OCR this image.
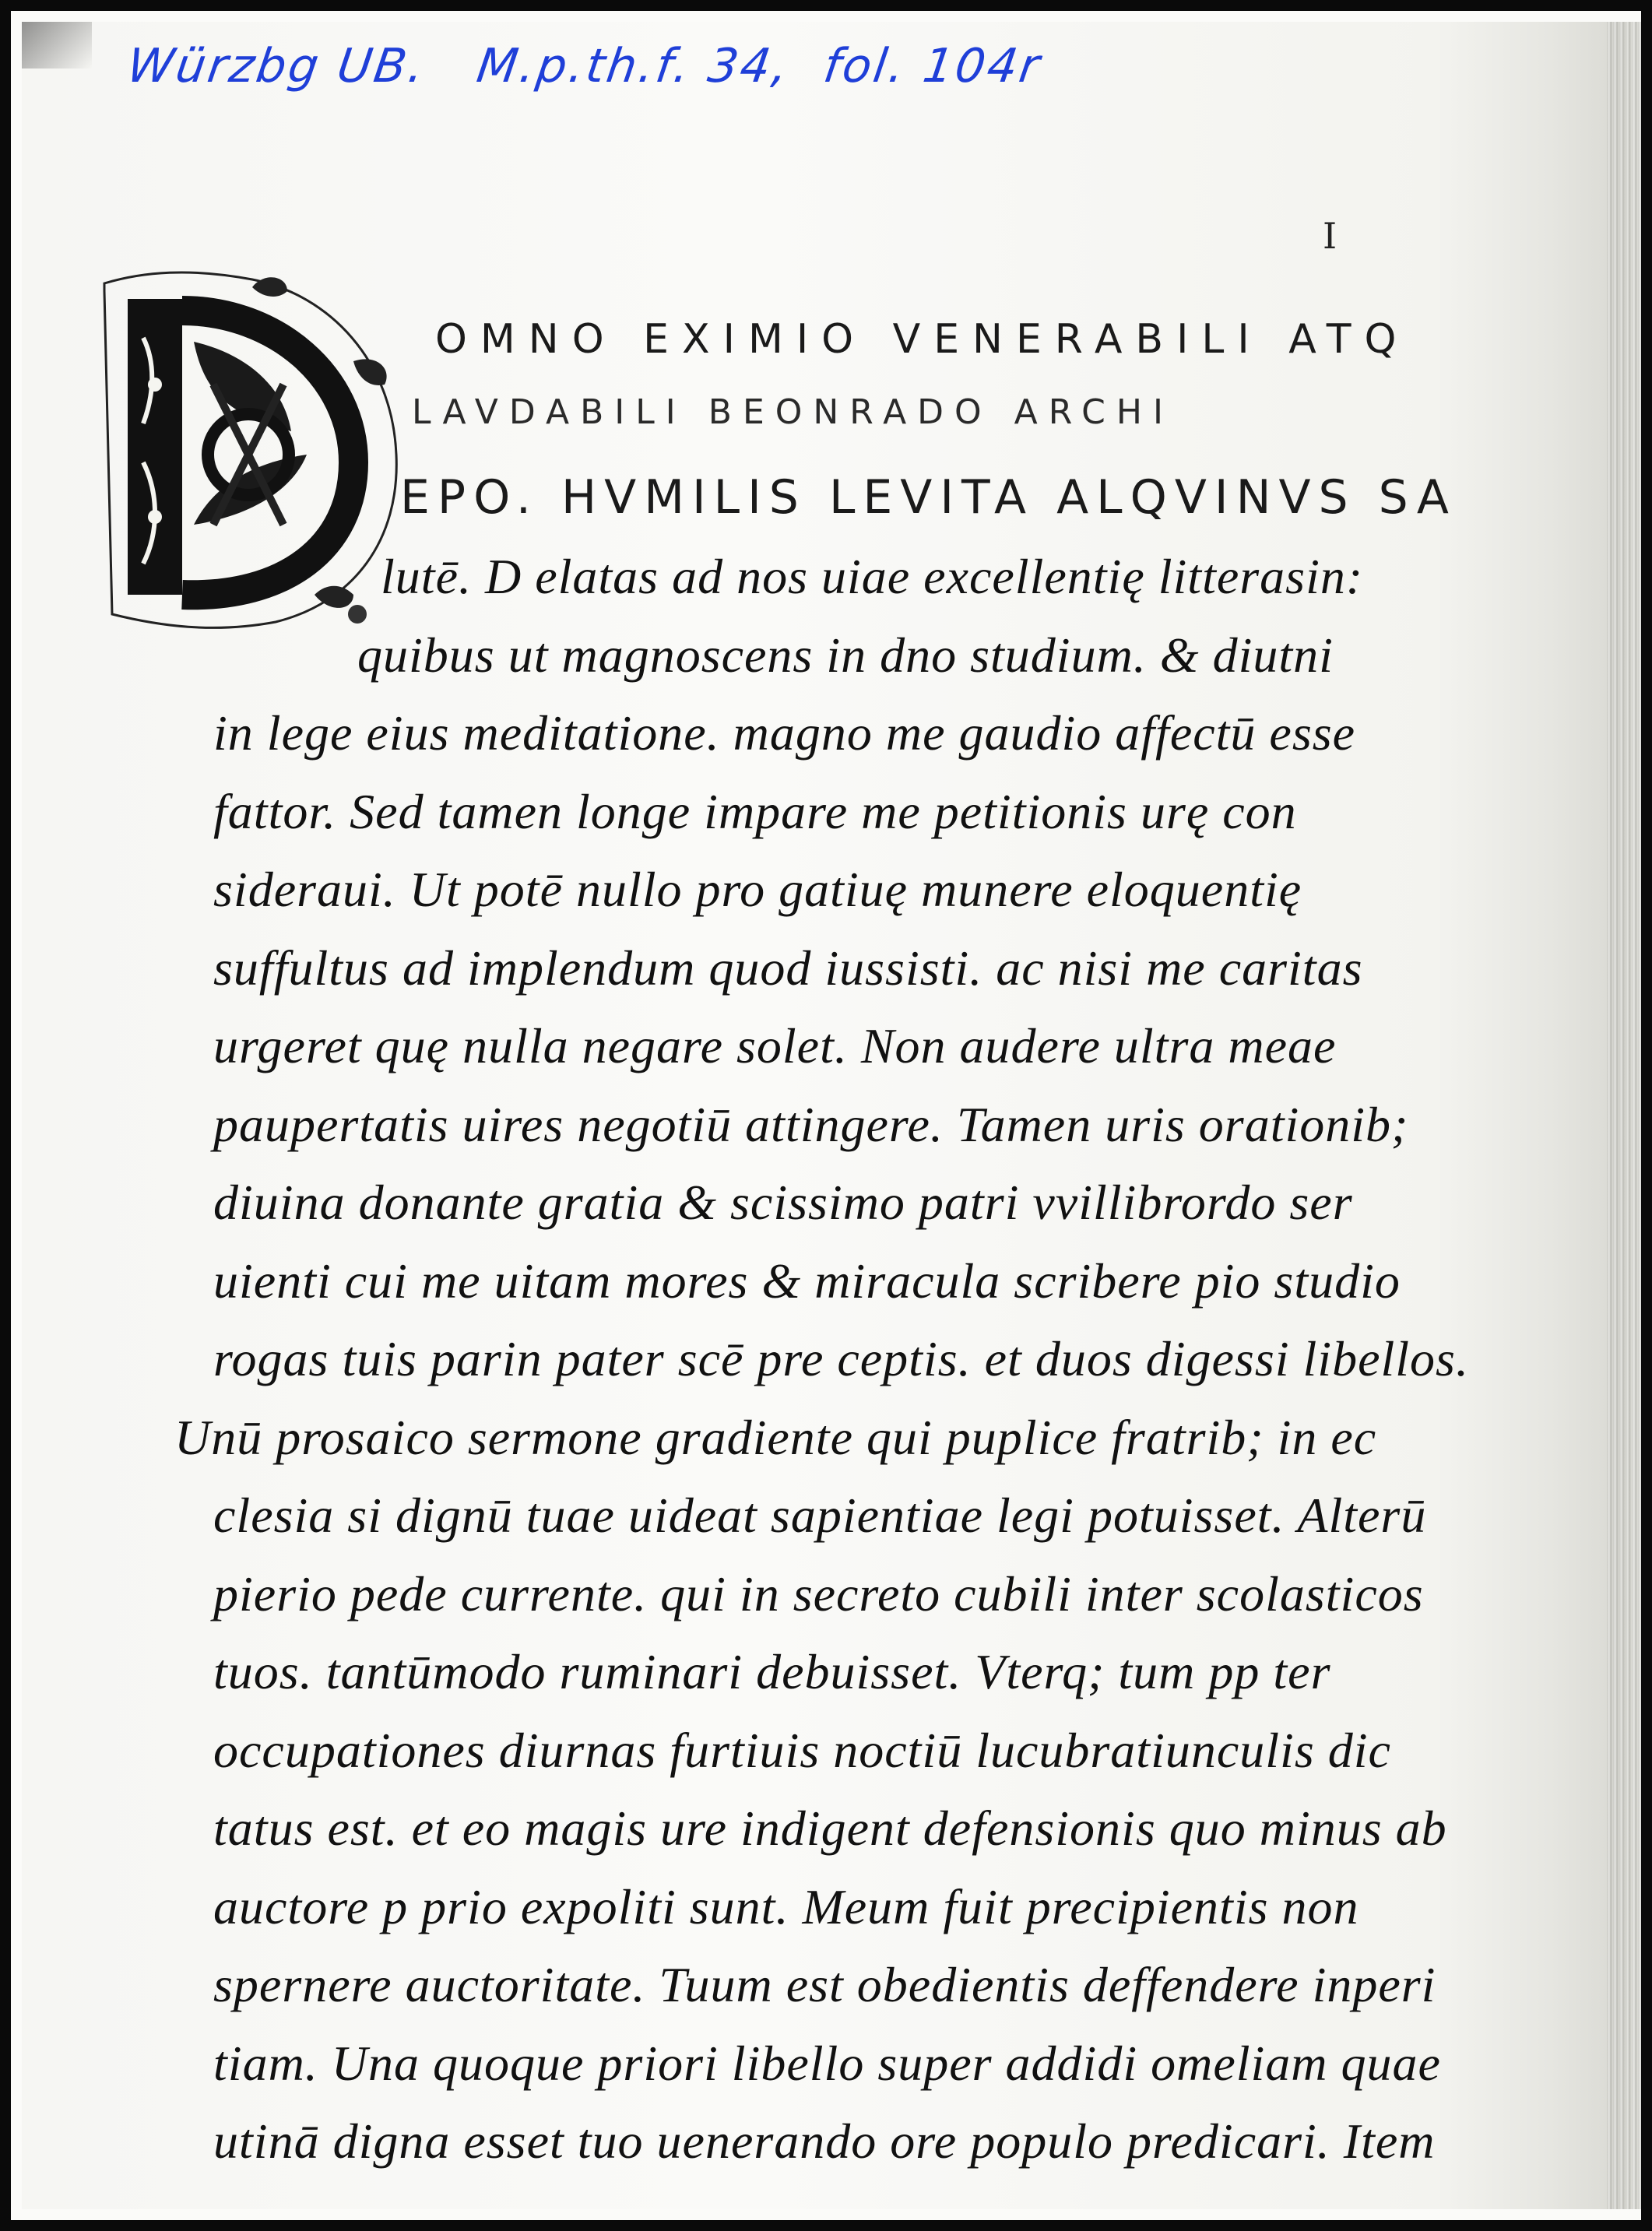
Würzbg UB.   M.p.th.f. 34,  fol. 104r
I
OMNO EXIMIO VENERABILI ATQ
LAVDABILI BEONRADO ARCHI
EPO. HVMILIS LEVITA ALQVINVS SA
lutē. D elatas ad nos uiae excellentię litterasin:
quibus ut magnoscens in dno studium. & diutni
in lege eius meditatione. magno me gaudio affectū esse
fattor. Sed tamen longe impare me petitionis urę con
sideraui. Ut potē nullo pro gatiuę munere eloquentię
suffultus ad implendum quod iussisti. ac nisi me caritas
urgeret quę nulla negare solet. Non audere ultra meae
paupertatis uires negotiū attingere. Tamen uris orationib;
diuina donante gratia & scissimo patri vvillibrordo ser
uienti cui me uitam mores & miracula scribere pio studio
rogas tuis parin pater scē pre ceptis. et duos digessi libellos.
Unū prosaico sermone gradiente qui puplice fratrib; in ec
clesia si dignū tuae uideat sapientiae legi potuisset. Alterū
pierio pede currente. qui in secreto cubili inter scolasticos
tuos. tantūmodo ruminari debuisset. Vterq; tum pp ter
occupationes diurnas furtiuis noctiū lucubratiunculis dic
tatus est. et eo magis ure indigent defensionis quo minus ab
auctore p prio expoliti sunt. Meum fuit precipientis non
spernere auctoritate. Tuum est obedientis deffendere inperi
tiam. Una quoque priori libello super addidi omeliam quae
utinā digna esset tuo uenerando ore populo predicari. Item
